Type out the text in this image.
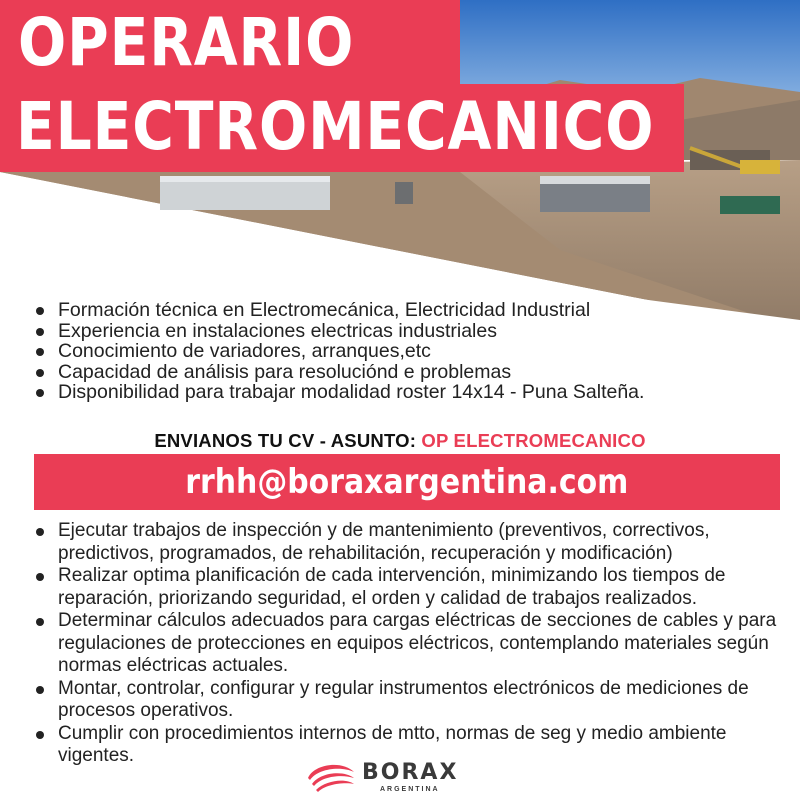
OPERARIO
ELECTROMECANICO
Formación técnica en Electromecánica, Electricidad Industrial
Experiencia en instalaciones electricas industriales
Conocimiento de variadores, arranques,etc
Capacidad de análisis para resoluciónd e problemas
Disponibilidad para trabajar modalidad roster 14x14 - Puna Salteña.
ENVIANOS TU CV - ASUNTO: OP ELECTROMECANICO
rrhh@boraxargentina.com
Ejecutar trabajos de inspección y de mantenimiento (preventivos, correctivos, predictivos, programados, de rehabilitación, recuperación y modificación)
Realizar optima planificación de cada intervención, minimizando los tiempos de reparación, priorizando seguridad, el orden y calidad de trabajos realizados.
Determinar cálculos adecuados para cargas eléctricas de secciones de cables y para regulaciones de protecciones en equipos eléctricos, contemplando materiales según normas eléctricas actuales.
Montar, controlar, configurar y regular instrumentos electrónicos de mediciones de procesos operativos.
Cumplir con procedimientos internos de mtto, normas de seg y medio ambiente vigentes.
BORAX
ARGENTINA
